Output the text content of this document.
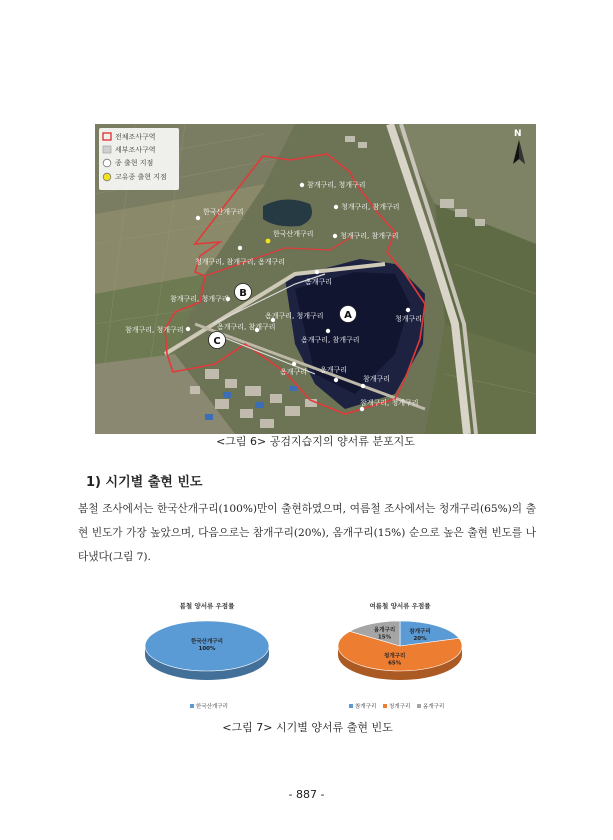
전체조사구역
세부조사구역
종 출현 지점
고유종 출현 지점
N
A
B
C
참개구리, 청개구리
청개구리, 참개구리
한국산개구리
한국산개구리	청개구리, 참개구리
청개구리, 참개구리, 옴개구리
옴개구리
참개구리, 청개구리
옴개구리, 청개구리
옴개구리, 참개구리
청개구리
참개구리, 청개구리
옴개구리, 참개구리
옴개구리 옴개구리
참개구리
참개구리, 청개구리
<그림 6> 공검지습지의 양서류 분포지도
1) 시기별 출현 빈도

봄철 조사에서는 한국산개구리(100%)만이 출현하였으며, 여름철 조사에서는 청개구리(65%)의 출현 빈도가 가장 높았으며, 다음으로는 참개구리(20%), 옴개구리(15%) 순으로 높은 출현 빈도를 나타냈다(그림 7).

봄철 양서류 우점률
한국산개구리
100%
한국산개구리
여름철 양서류 우점률
참개구리
20%
청개구리
65%
옴개구리
15%
참개구리 청개구리 옴개구리
<그림 7> 시기별 양서류 출현 빈도
- 887 -
